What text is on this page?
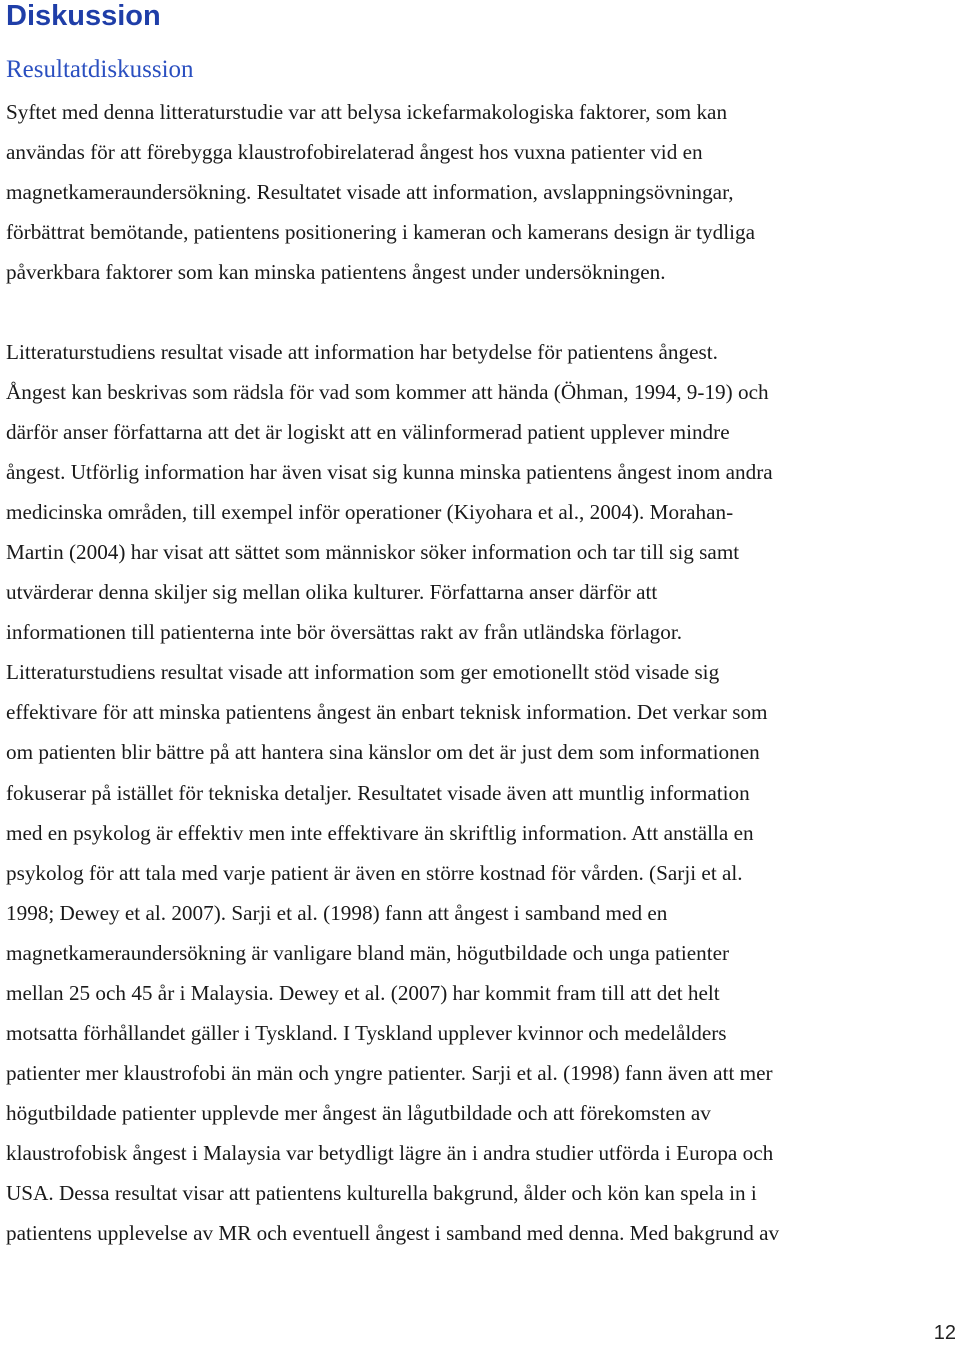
Diskussion
Resultatdiskussion

Syftet med denna litteraturstudie var att belysa ickefarmakologiska faktorer, som kan

användas för att förebygga klaustrofobirelaterad ångest hos vuxna patienter vid en

magnetkameraundersökning. Resultatet visade att information, avslappningsövningar,

förbättrat bemötande, patientens positionering i kameran och kamerans design är tydliga

påverkbara faktorer som kan minska patientens ångest under undersökningen.

Litteraturstudiens resultat visade att information har betydelse för patientens ångest.

Ångest kan beskrivas som rädsla för vad som kommer att hända (Öhman, 1994, 9-19) och

därför anser författarna att det är logiskt att en välinformerad patient upplever mindre

ångest. Utförlig information har även visat sig kunna minska patientens ångest inom andra

medicinska områden, till exempel inför operationer (Kiyohara et al., 2004). Morahan-

Martin (2004) har visat att sättet som människor söker information och tar till sig samt

utvärderar denna skiljer sig mellan olika kulturer. Författarna anser därför att

informationen till patienterna inte bör översättas rakt av från utländska förlagor.

Litteraturstudiens resultat visade att information som ger emotionellt stöd visade sig

effektivare för att minska patientens ångest än enbart teknisk information. Det verkar som

om patienten blir bättre på att hantera sina känslor om det är just dem som informationen

fokuserar på istället för tekniska detaljer. Resultatet visade även att muntlig information

med en psykolog är effektiv men inte effektivare än skriftlig information. Att anställa en

psykolog för att tala med varje patient är även en större kostnad för vården. (Sarji et al.

1998; Dewey et al. 2007). Sarji et al. (1998) fann att ångest i samband med en

magnetkameraundersökning är vanligare bland män, högutbildade och unga patienter

mellan 25 och 45 år i Malaysia. Dewey et al. (2007) har kommit fram till att det helt

motsatta förhållandet gäller i Tyskland. I Tyskland upplever kvinnor och medelålders

patienter mer klaustrofobi än män och yngre patienter. Sarji et al. (1998) fann även att mer

högutbildade patienter upplevde mer ångest än lågutbildade och att förekomsten av

klaustrofobisk ångest i Malaysia var betydligt lägre än i andra studier utförda i Europa och

USA. Dessa resultat visar att patientens kulturella bakgrund, ålder och kön kan spela in i

patientens upplevelse av MR och eventuell ångest i samband med denna. Med bakgrund av

12
